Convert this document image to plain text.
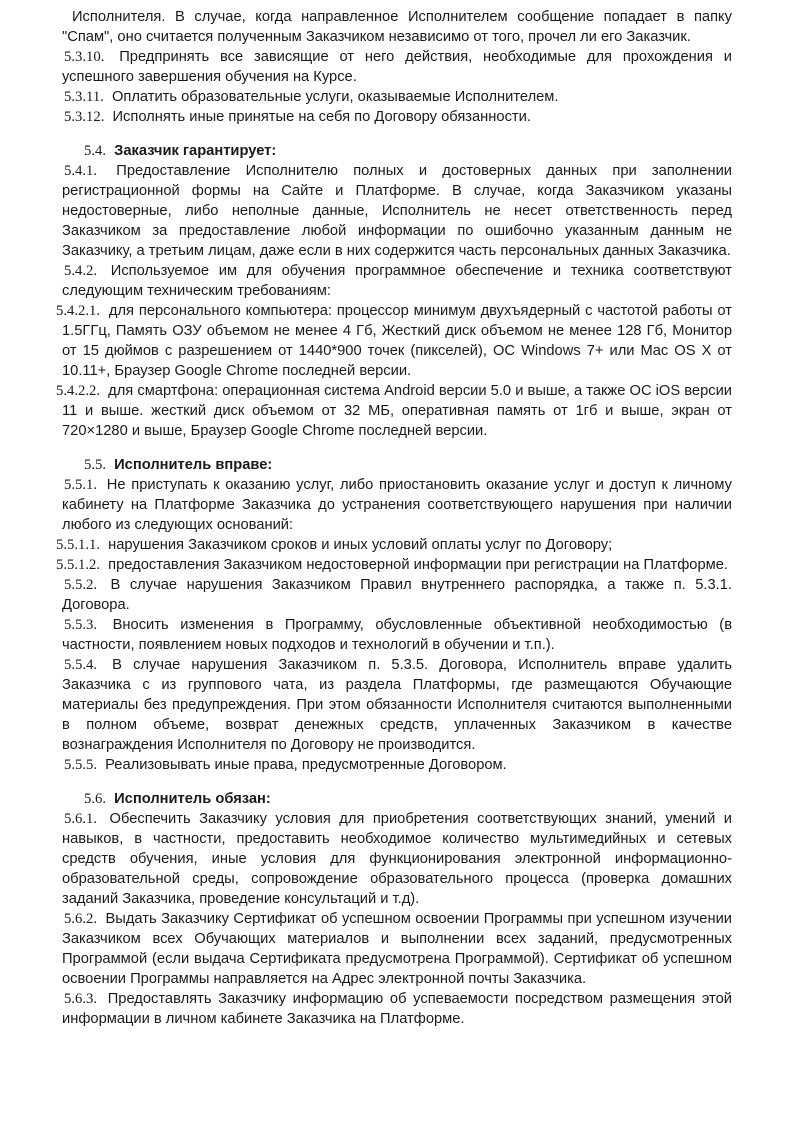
Исполнителя. В случае, когда направленное Исполнителем сообщение попадает в папку "Спам", оно считается полученным Заказчиком независимо от того, прочел ли его Заказчик.

5.3.10. Предпринять все зависящие от него действия, необходимые для прохождения и успешного завершения обучения на Курсе.

5.3.11. Оплатить образовательные услуги, оказываемые Исполнителем.

5.3.12. Исполнять иные принятые на себя по Договору обязанности.

5.4. Заказчик гарантирует:

5.4.1. Предоставление Исполнителю полных и достоверных данных при заполнении регистрационной формы на Сайте и Платформе. В случае, когда Заказчиком указаны недостоверные, либо неполные данные, Исполнитель не несет ответственность перед Заказчиком за предоставление любой информации по ошибочно указанным данным не Заказчику, а третьим лицам, даже если в них содержится часть персональных данных Заказчика.

5.4.2. Используемое им для обучения программное обеспечение и техника соответствуют следующим техническим требованиям:

5.4.2.1. для персонального компьютера: процессор минимум двухъядерный с частотой работы от 1.5ГГц, Память ОЗУ объемом не менее 4 Гб, Жесткий диск объемом не менее 128 Гб, Монитор от 15 дюймов с разрешением от 1440*900 точек (пикселей), ОС Windows 7+ или Mac OS X от 10.11+, Браузер Google Chrome последней версии.

5.4.2.2. для смартфона: операционная система Android версии 5.0 и выше, а также ОС iOS версии 11 и выше. жесткий диск объемом от 32 МБ, оперативная память от 1гб и выше, экран от 720×1280 и выше, Браузер Google Chrome последней версии.

5.5. Исполнитель вправе:

5.5.1. Не приступать к оказанию услуг, либо приостановить оказание услуг и доступ к личному кабинету на Платформе Заказчика до устранения соответствующего нарушения при наличии любого из следующих оснований:

5.5.1.1. нарушения Заказчиком сроков и иных условий оплаты услуг по Договору;

5.5.1.2. предоставления Заказчиком недостоверной информации при регистрации на Платформе.

5.5.2. В случае нарушения Заказчиком Правил внутреннего распорядка, а также п. 5.3.1. Договора.

5.5.3. Вносить изменения в Программу, обусловленные объективной необходимостью (в частности, появлением новых подходов и технологий в обучении и т.п.).

5.5.4. В случае нарушения Заказчиком п. 5.3.5. Договора, Исполнитель вправе удалить Заказчика с из группового чата, из раздела Платформы, где размещаются Обучающие материалы без предупреждения. При этом обязанности Исполнителя считаются выполненными в полном объеме, возврат денежных средств, уплаченных Заказчиком в качестве вознаграждения Исполнителя по Договору не производится.

5.5.5. Реализовывать иные права, предусмотренные Договором.

5.6. Исполнитель обязан:

5.6.1. Обеспечить Заказчику условия для приобретения соответствующих знаний, умений и навыков, в частности, предоставить необходимое количество мультимедийных и сетевых средств обучения, иные условия для функционирования электронной информационно-образовательной среды, сопровождение образовательного процесса (проверка домашних заданий Заказчика, проведение консультаций и т.д).

5.6.2. Выдать Заказчику Сертификат об успешном освоении Программы при успешном изучении Заказчиком всех Обучающих материалов и выполнении всех заданий, предусмотренных Программой (если выдача Сертификата предусмотрена Программой). Сертификат об успешном освоении Программы направляется на Адрес электронной почты Заказчика.

5.6.3. Предоставлять Заказчику информацию об успеваемости посредством размещения этой информации в личном кабинете Заказчика на Платформе.
